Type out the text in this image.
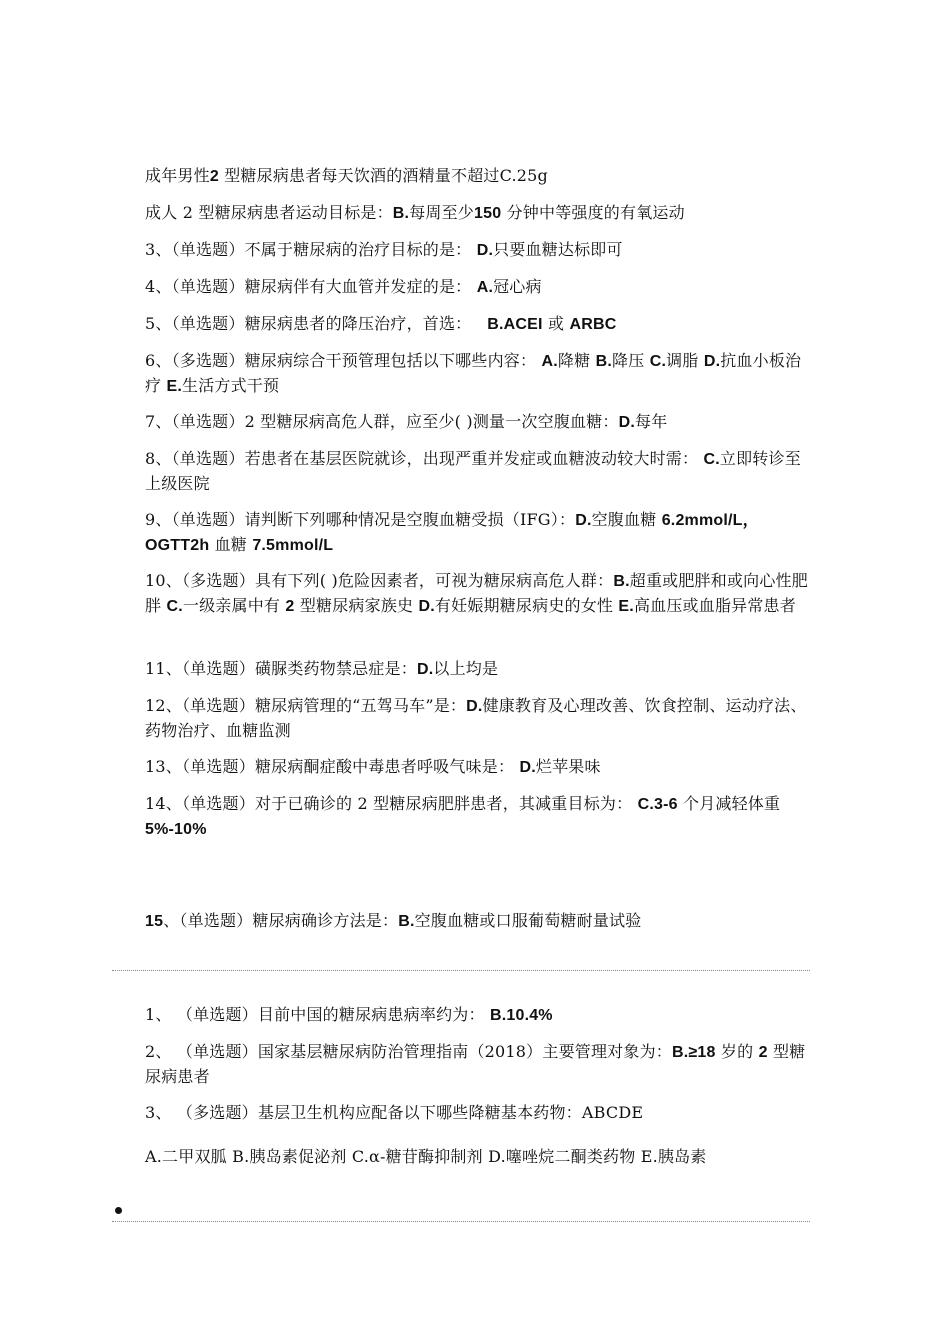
成年男性2 型糖尿病患者每天饮酒的酒精量不超过C.25g
成人 2 型糖尿病患者运动目标是：B.每周至少150 分钟中等强度的有氧运动
3、（单选题）不属于糖尿病的治疗目标的是： D.只要血糖达标即可
4、（单选题）糖尿病伴有大血管并发症的是： A.冠心病
5、（单选题）糖尿病患者的降压治疗，首选： B.ACEI 或 ARBC
6、（多选题）糖尿病综合干预管理包括以下哪些内容： A.降糖 B.降压 C.调脂 D.抗血小板治疗 E.生活方式干预
7、（单选题）2 型糖尿病高危人群，应至少( )测量一次空腹血糖：D.每年
8、（单选题）若患者在基层医院就诊，出现严重并发症或血糖波动较大时需： C.立即转诊至上级医院
9、（单选题）请判断下列哪种情况是空腹血糖受损（IFG）：D.空腹血糖 6.2mmol/L，OGTT2h 血糖 7.5mmol/L
10、（多选题）具有下列( )危险因素者，可视为糖尿病高危人群：B.超重或肥胖和或向心性肥胖 C.一级亲属中有 2 型糖尿病家族史 D.有妊娠期糖尿病史的女性 E.高血压或血脂异常患者
11、（单选题）磺脲类药物禁忌症是：D.以上均是
12、（单选题）糖尿病管理的“五驾马车”是：D.健康教育及心理改善、饮食控制、运动疗法、药物治疗、血糖监测
13、（单选题）糖尿病酮症酸中毒患者呼吸气味是： D.烂苹果味
14、（单选题）对于已确诊的 2 型糖尿病肥胖患者，其减重目标为： C.3-6 个月减轻体重 5%-10%
15、（单选题）糖尿病确诊方法是：B.空腹血糖或口服葡萄糖耐量试验
1、 （单选题）目前中国的糖尿病患病率约为： B.10.4%
2、 （单选题）国家基层糖尿病防治管理指南（2018）主要管理对象为：B.≥18 岁的 2 型糖尿病患者
3、 （多选题）基层卫生机构应配备以下哪些降糖基本药物：ABCDE
A.二甲双胍 B.胰岛素促泌剂 C.α-糖苷酶抑制剂 D.噻唑烷二酮类药物 E.胰岛素
